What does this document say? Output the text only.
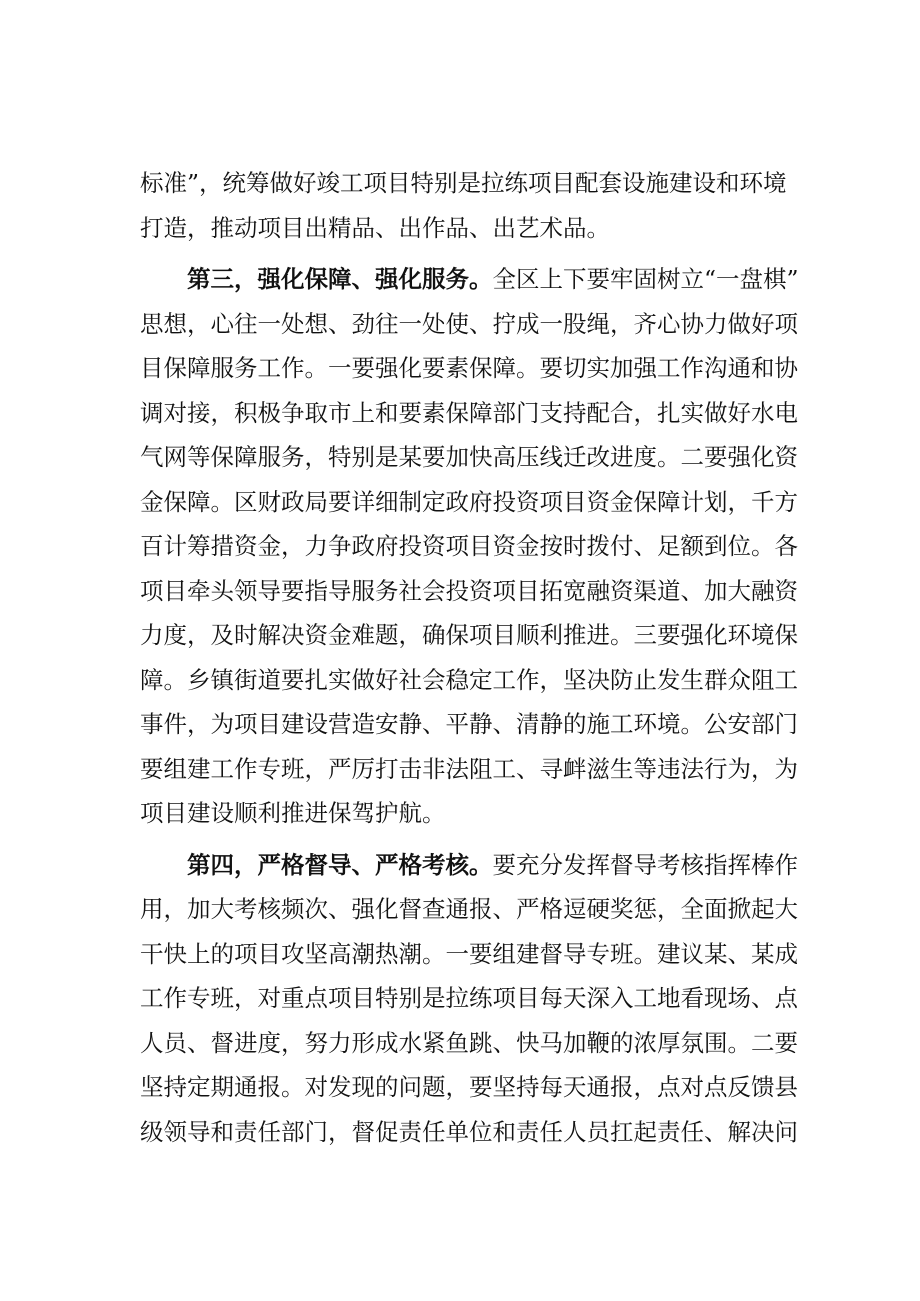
标准”，统筹做好竣工项目特别是拉练项目配套设施建设和环境
打造，推动项目出精品、出作品、出艺术品。
　　第三，强化保障、强化服务。全区上下要牢固树立“一盘棋”
思想，心往一处想、劲往一处使、拧成一股绳，齐心协力做好项
目保障服务工作。一要强化要素保障。要切实加强工作沟通和协
调对接，积极争取市上和要素保障部门支持配合，扎实做好水电
气网等保障服务，特别是某要加快高压线迁改进度。二要强化资
金保障。区财政局要详细制定政府投资项目资金保障计划，千方
百计筹措资金，力争政府投资项目资金按时拨付、足额到位。各
项目牵头领导要指导服务社会投资项目拓宽融资渠道、加大融资
力度，及时解决资金难题，确保项目顺利推进。三要强化环境保
障。乡镇街道要扎实做好社会稳定工作，坚决防止发生群众阻工
事件，为项目建设营造安静、平静、清静的施工环境。公安部门
要组建工作专班，严厉打击非法阻工、寻衅滋生等违法行为，为
项目建设顺利推进保驾护航。
　　第四，严格督导、严格考核。要充分发挥督导考核指挥棒作
用，加大考核频次、强化督查通报、严格逗硬奖惩，全面掀起大
干快上的项目攻坚高潮热潮。一要组建督导专班。建议某、某成
工作专班，对重点项目特别是拉练项目每天深入工地看现场、点
人员、督进度，努力形成水紧鱼跳、快马加鞭的浓厚氛围。二要
坚持定期通报。对发现的问题，要坚持每天通报，点对点反馈县
级领导和责任部门，督促责任单位和责任人员扛起责任、解决问
